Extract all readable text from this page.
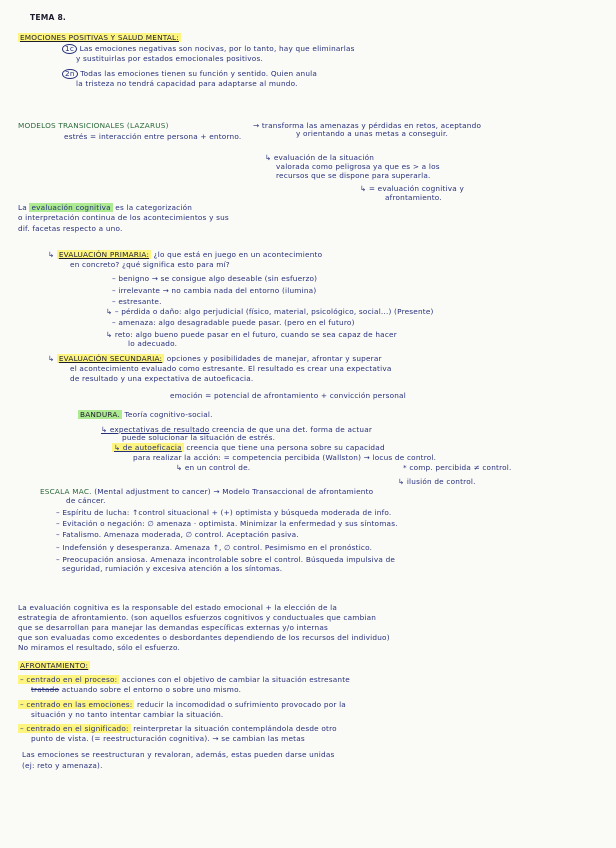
TEMA 8.
EMOCIONES POSITIVAS Y SALUD MENTAL:
1c Las emociones negativas son nocivas, por lo tanto, hay que eliminarlas
y sustituirlas por estados emocionales positivos.
2n Todas las emociones tienen su función y sentido. Quien anula
la tristeza no tendrá capacidad para adaptarse al mundo.
MODELOS TRANSICIONALES (LAZARUS)	→ transforma las amenazas y pérdidas en retos, aceptando
y orientando a unas metas a conseguir.
estrés = interacción entre persona + entorno.
↳ evaluación de la situación
valorada como peligrosa ya que es > a los
recursos que se dispone para superarla.
↳ = evaluación cognitiva y
afrontamiento.
La evaluación cognitiva es la categorización
o interpretación continua de los acontecimientos y sus
dif. facetas respecto a uno.
↳ EVALUACIÓN PRIMARIA: ¿lo que está en juego en un acontecimiento
en concreto? ¿qué significa esto para mí?
– benigno → se consigue algo deseable (sin esfuerzo)
– irrelevante → no cambia nada del entorno (ilumina)
– estresante.
↳ – pérdida o daño: algo perjudicial (físico, material, psicológico, social...) (Presente)
– amenaza: algo desagradable puede pasar. (pero en el futuro)
↳ reto: algo bueno puede pasar en el futuro, cuando se sea capaz de hacer
lo adecuado.
↳ EVALUACIÓN SECUNDARIA: opciones y posibilidades de manejar, afrontar y superar
el acontecimiento evaluado como estresante. El resultado es crear una expectativa
de resultado y una expectativa de autoeficacia.
emoción = potencial de afrontamiento + convicción personal
BANDURA. Teoría cognitivo-social.
↳ expectativas de resultado creencia de que una det. forma de actuar
puede solucionar la situación de estrés.
↳ de autoeficacia creencia que tiene una persona sobre su capacidad
para realizar la acción: = competencia percibida (Wallston) → locus de control.
↳ en un control de.	* comp. percibida ≠ control.
↳ ilusión de control.
ESCALA MAC. (Mental adjustment to cancer) → Modelo Transaccional de afrontamiento
de cáncer.
– Espíritu de lucha: ↑control situacional + (+) optimista y búsqueda moderada de info.
– Evitación o negación: ∅ amenaza · optimista. Minimizar la enfermedad y sus síntomas.
– Fatalismo. Amenaza moderada, ∅ control. Aceptación pasiva.
– Indefensión y desesperanza. Amenaza ↑, ∅ control. Pesimismo en el pronóstico.
– Preocupación ansiosa. Amenaza incontrolable sobre el control. Búsqueda impulsiva de
seguridad, rumiación y excesiva atención a los síntomas.
La evaluación cognitiva es la responsable del estado emocional + la elección de la
estrategia de afrontamiento. (son aquellos esfuerzos cognitivos y conductuales que cambian
que se desarrollan para manejar las demandas específicas externas y/o internas
que son evaluadas como excedentes o desbordantes dependiendo de los recursos del individuo)
No miramos el resultado, sólo el esfuerzo.
AFRONTAMIENTO:
– centrado en el proceso: acciones con el objetivo de cambiar la situación estresante
tratado actuando sobre el entorno o sobre uno mismo.
– centrado en las emociones: reducir la incomodidad o sufrimiento provocado por la
situación y no tanto intentar cambiar la situación.
– centrado en el significado: reinterpretar la situación contemplándola desde otro
punto de vista. (= reestructuración cognitiva). → se cambian las metas
Las emociones se reestructuran y revaloran, además, estas pueden darse unidas
(ej: reto y amenaza).
